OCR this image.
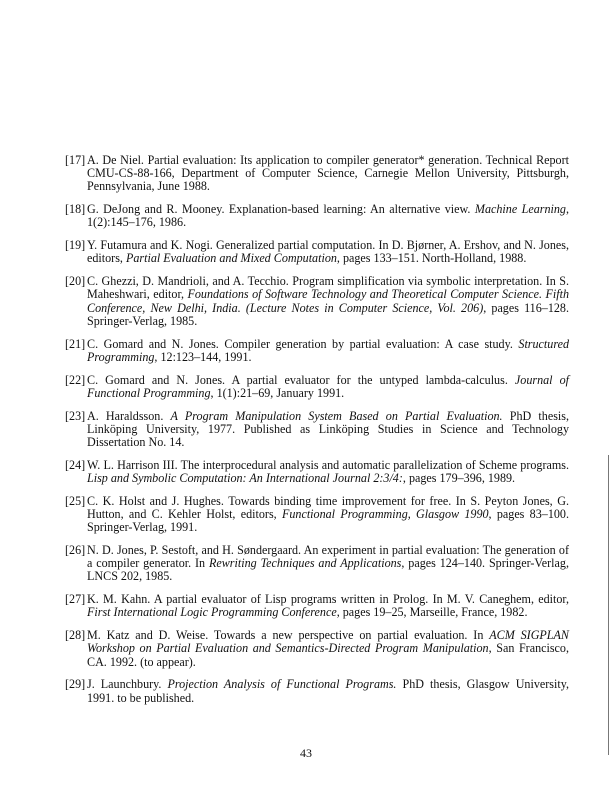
[17] A. De Niel. Partial evaluation: Its application to compiler generator* generation. Technical Report CMU-CS-88-166, Department of Computer Science, Carnegie Mellon University, Pittsburgh, Pennsylvania, June 1988.
[18] G. DeJong and R. Mooney. Explanation-based learning: An alternative view. Machine Learning, 1(2):145–176, 1986.
[19] Y. Futamura and K. Nogi. Generalized partial computation. In D. Bjørner, A. Ershov, and N. Jones, editors, Partial Evaluation and Mixed Computation, pages 133–151. North-Holland, 1988.
[20] C. Ghezzi, D. Mandrioli, and A. Tecchio. Program simplification via symbolic interpretation. In S. Maheshwari, editor, Foundations of Software Technology and Theoretical Computer Science. Fifth Conference, New Delhi, India. (Lecture Notes in Computer Science, Vol. 206), pages 116–128. Springer-Verlag, 1985.
[21] C. Gomard and N. Jones. Compiler generation by partial evaluation: A case study. Structured Programming, 12:123–144, 1991.
[22] C. Gomard and N. Jones. A partial evaluator for the untyped lambda-calculus. Journal of Functional Programming, 1(1):21–69, January 1991.
[23] A. Haraldsson. A Program Manipulation System Based on Partial Evaluation. PhD thesis, Linköping University, 1977. Published as Linköping Studies in Science and Technology Dissertation No. 14.
[24] W. L. Harrison III. The interprocedural analysis and automatic parallelization of Scheme programs. Lisp and Symbolic Computation: An International Journal 2:3/4:, pages 179–396, 1989.
[25] C. K. Holst and J. Hughes. Towards binding time improvement for free. In S. Peyton Jones, G. Hutton, and C. Kehler Holst, editors, Functional Programming, Glasgow 1990, pages 83–100. Springer-Verlag, 1991.
[26] N. D. Jones, P. Sestoft, and H. Søndergaard. An experiment in partial evaluation: The generation of a compiler generator. In Rewriting Techniques and Applications, pages 124–140. Springer-Verlag, LNCS 202, 1985.
[27] K. M. Kahn. A partial evaluator of Lisp programs written in Prolog. In M. V. Caneghem, editor, First International Logic Programming Conference, pages 19–25, Marseille, France, 1982.
[28] M. Katz and D. Weise. Towards a new perspective on partial evaluation. In ACM SIGPLAN Workshop on Partial Evaluation and Semantics-Directed Program Manipulation, San Francisco, CA. 1992. (to appear).
[29] J. Launchbury. Projection Analysis of Functional Programs. PhD thesis, Glasgow University, 1991. to be published.
43
